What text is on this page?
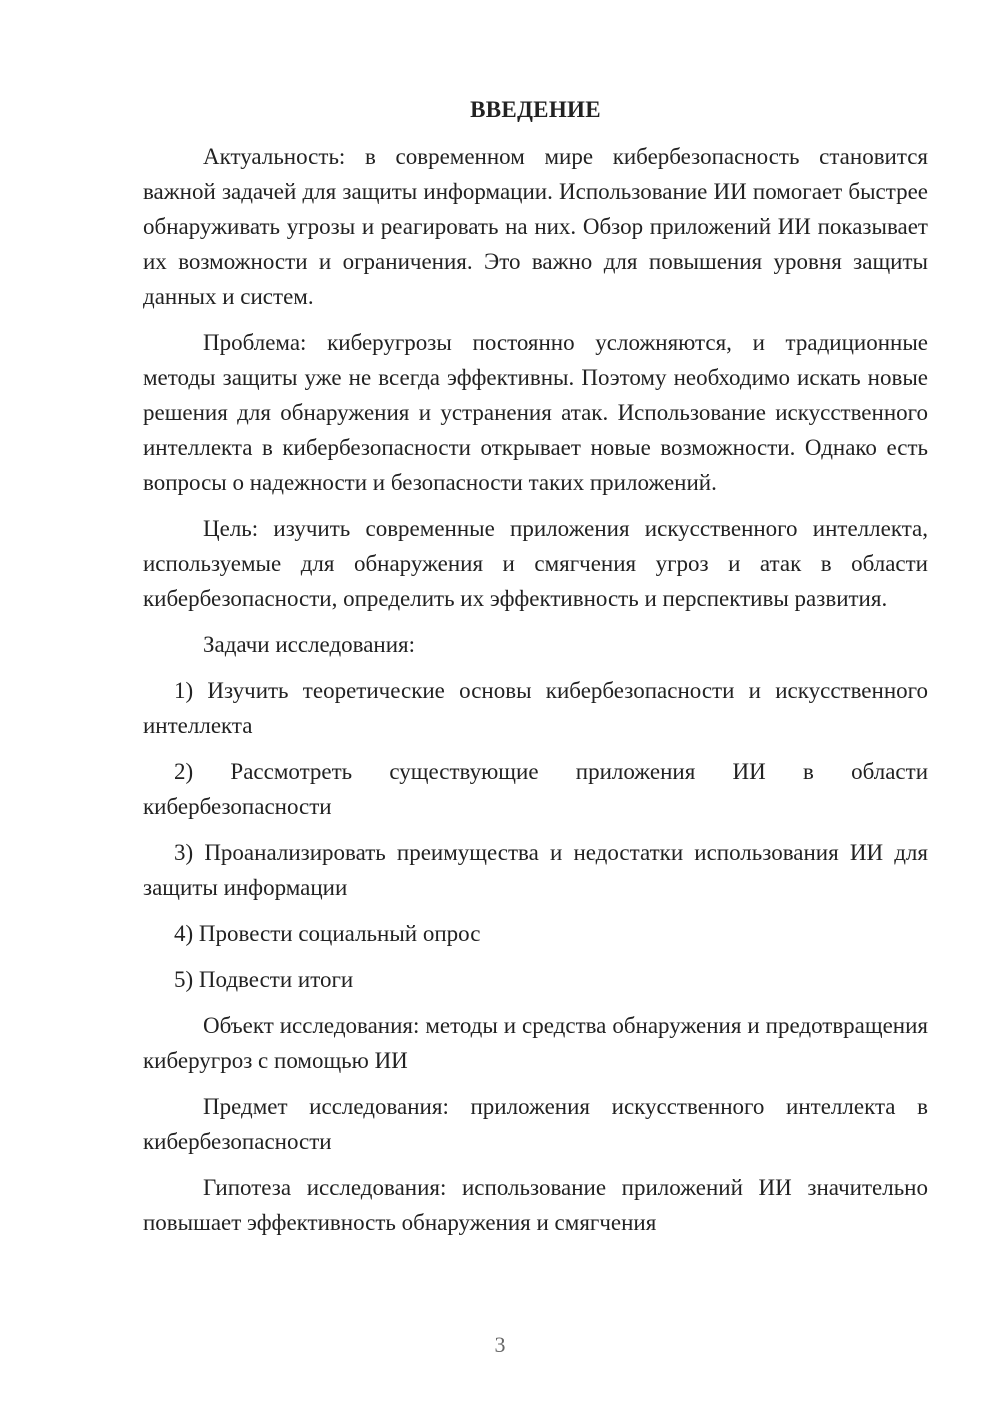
ВВЕДЕНИЕ

Актуальность: в современном мире кибербезопасность становится важной задачей для защиты информации. Использование ИИ помогает быстрее обнаруживать угрозы и реагировать на них. Обзор приложений ИИ показывает их возможности и ограничения. Это важно для повышения уровня защиты данных и систем.

Проблема: киберугрозы постоянно усложняются, и традиционные методы защиты уже не всегда эффективны. Поэтому необходимо искать новые решения для обнаружения и устранения атак. Использование искусственного интеллекта в кибербезопасности открывает новые возможности. Однако есть вопросы о надежности и безопасности таких приложений.

Цель: изучить современные приложения искусственного интеллекта, используемые для обнаружения и смягчения угроз и атак в области кибербезопасности, определить их эффективность и перспективы развития.

Задачи исследования:

1) Изучить теоретические основы кибербезопасности и искусственного интеллекта

2) Рассмотреть существующие приложения ИИ в области кибербезопасности

3) Проанализировать преимущества и недостатки использования ИИ для защиты информации

4) Провести социальный опрос

5) Подвести итоги

Объект исследования: методы и средства обнаружения и предотвращения киберугроз с помощью ИИ

Предмет исследования: приложения искусственного интеллекта в кибербезопасности

Гипотеза исследования: использование приложений ИИ значительно повышает эффективность обнаружения и смягчения

3
